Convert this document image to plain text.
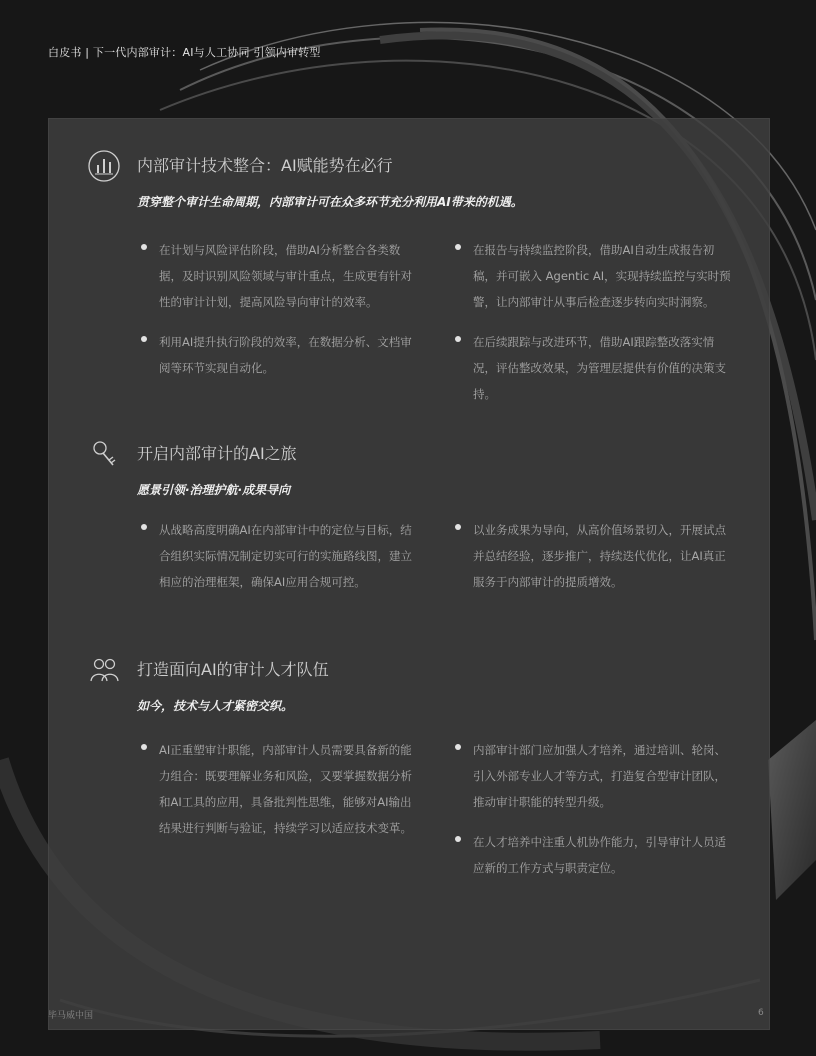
白皮书 | 下一代内部审计：AI与人工协同 引领内审转型
内部审计技术整合：AI赋能势在必行
贯穿整个审计生命周期，内部审计可在众多环节充分利用AI带来的机遇。
在计划与风险评估阶段，借助AI分析整合各类数据，及时识别风险领域与审计重点，生成更有针对性的审计计划，提高风险导向审计的效率。
利用AI提升执行阶段的效率，在数据分析、文档审阅等环节实现自动化。
在报告与持续监控阶段，借助AI自动生成报告初稿，并可嵌入 Agentic AI，实现持续监控与实时预警，让内部审计从事后检查逐步转向实时洞察。
在后续跟踪与改进环节，借助AI跟踪整改落实情况，评估整改效果，为管理层提供有价值的决策支持。
开启内部审计的AI之旅
愿景引领·治理护航·成果导向
从战略高度明确AI在内部审计中的定位与目标，结合组织实际情况制定切实可行的实施路线图，建立相应的治理框架，确保AI应用合规可控。
以业务成果为导向，从高价值场景切入，开展试点并总结经验，逐步推广，持续迭代优化，让AI真正服务于内部审计的提质增效。
打造面向AI的审计人才队伍
如今，技术与人才紧密交织。
AI正重塑审计职能，内部审计人员需要具备新的能力组合：既要理解业务和风险，又要掌握数据分析和AI工具的应用，具备批判性思维，能够对AI输出结果进行判断与验证，持续学习以适应技术变革。
内部审计部门应加强人才培养，通过培训、轮岗、引入外部专业人才等方式，打造复合型审计团队，推动审计职能的转型升级。
在人才培养中注重人机协作能力，引导审计人员适应新的工作方式与职责定位。
毕马威中国	6
